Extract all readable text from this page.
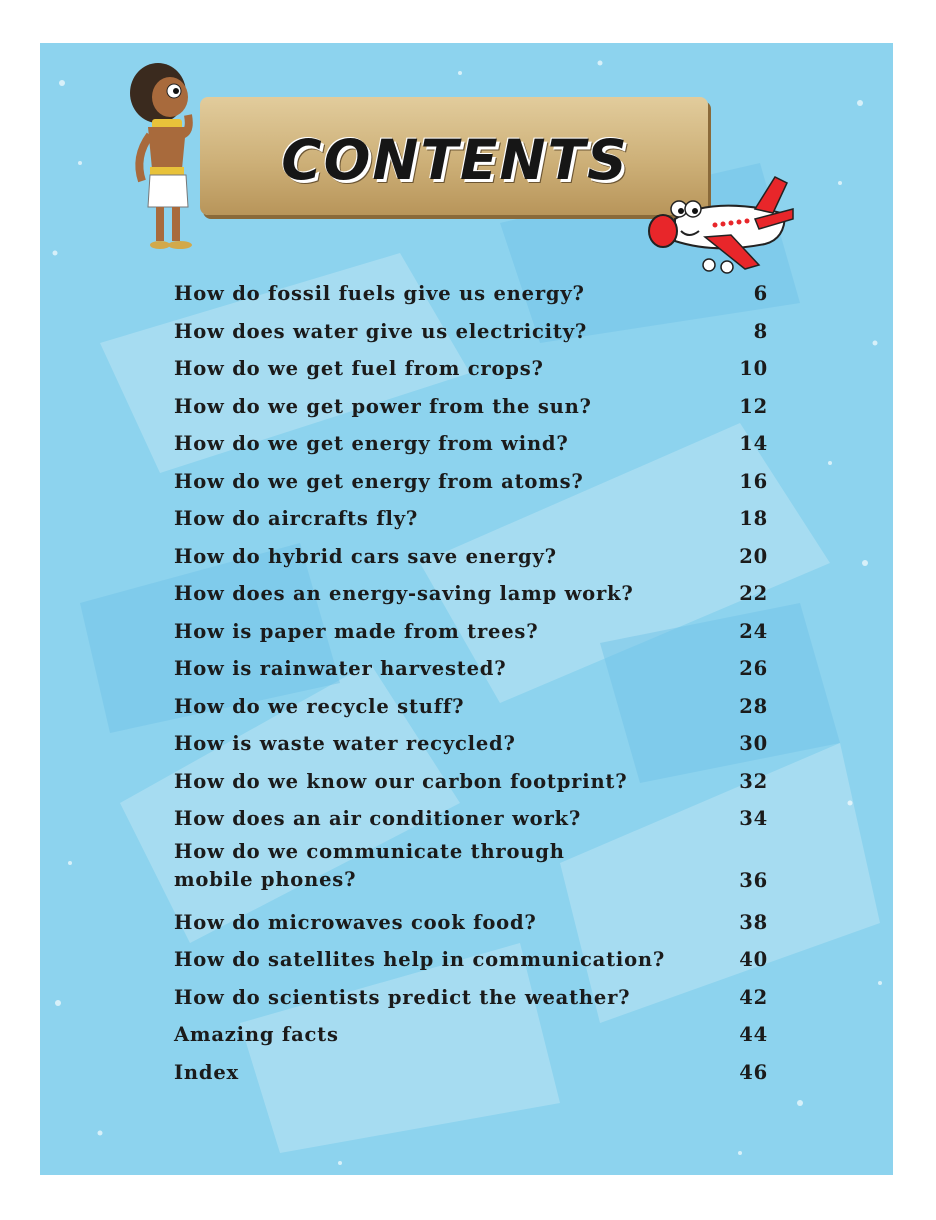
CONTENTS
How do fossil fuels give us energy?	6
How does water give us electricity?	8
How do we get fuel from crops?	10
How do we get power from the sun?	12
How do we get energy from wind?	14
How do we get energy from atoms?	16
How do aircrafts fly?	18
How do hybrid cars save energy?	20
How does an energy-saving lamp work?	22
How is paper made from trees?	24
How is rainwater harvested?	26
How do we recycle stuff?	28
How is waste water recycled?	30
How do we know our carbon footprint?	32
How does an air conditioner work?	34
How do we communicate through mobile phones?	36
How do microwaves cook food?	38
How do satellites help in communication?	40
How do scientists predict the weather?	42
Amazing facts	44
Index	46
